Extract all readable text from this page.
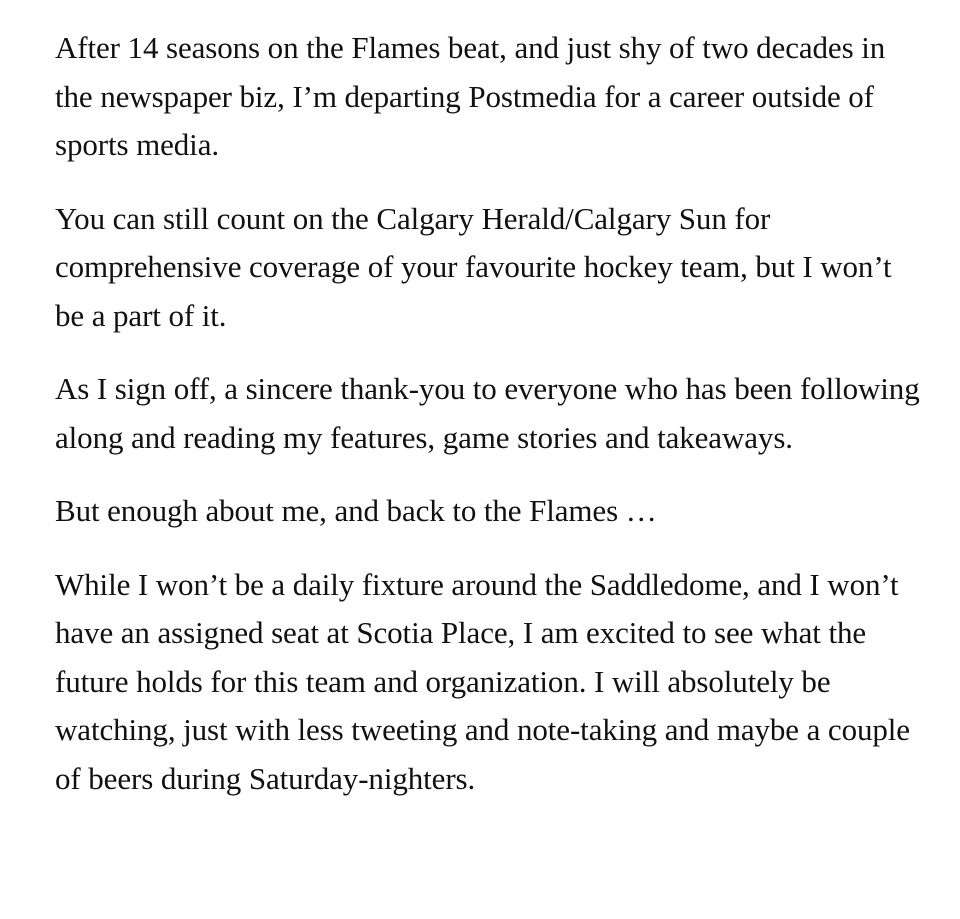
After 14 seasons on the Flames beat, and just shy of two decades in the newspaper biz, I’m departing Postmedia for a career outside of sports media.

You can still count on the Calgary Herald/Calgary Sun for comprehensive coverage of your favourite hockey team, but I won’t be a part of it.

As I sign off, a sincere thank-you to everyone who has been following along and reading my features, game stories and takeaways.

But enough about me, and back to the Flames …

While I won’t be a daily fixture around the Saddledome, and I won’t have an assigned seat at Scotia Place, I am excited to see what the future holds for this team and organization. I will absolutely be watching, just with less tweeting and note-taking and maybe a couple of beers during Saturday-nighters.
